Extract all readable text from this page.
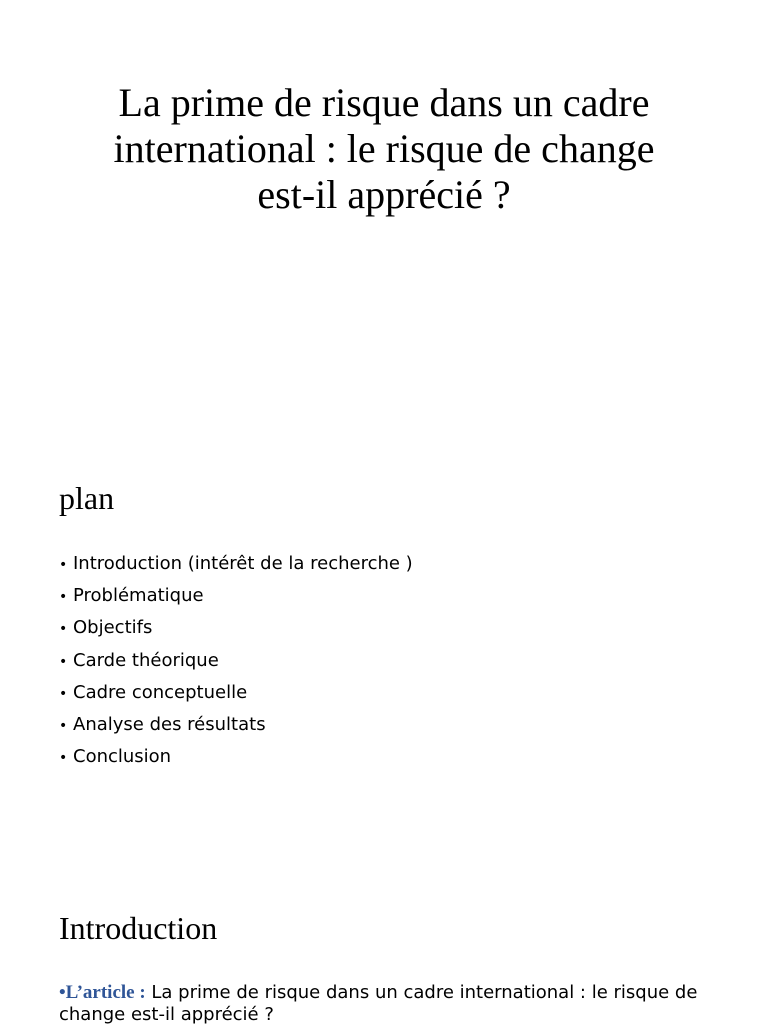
La prime de risque dans un cadre international : le risque de change est-il apprécié ?
plan
• Introduction (intérêt de la recherche )
• Problématique
• Objectifs
• Carde théorique
• Cadre conceptuelle
• Analyse des résultats
• Conclusion
Introduction

•L’article : La prime de risque dans un cadre international : le risque de change est-il apprécié ?
